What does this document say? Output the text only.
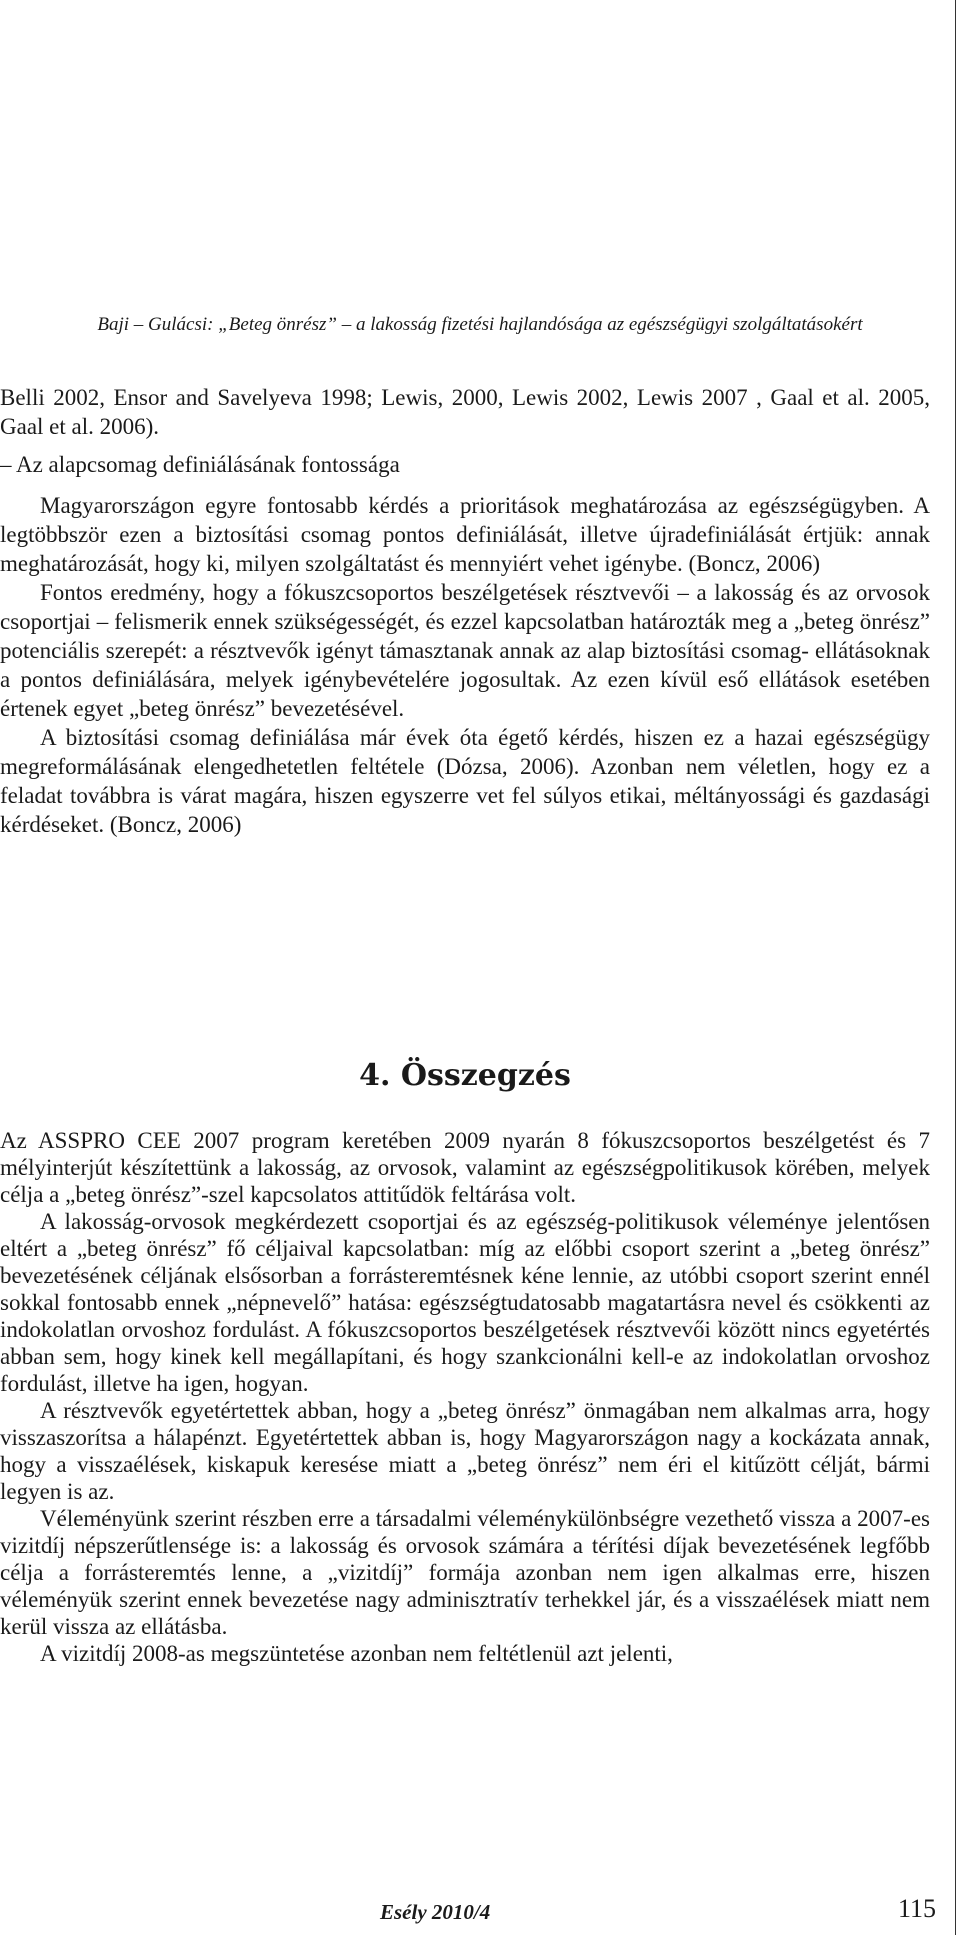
Baji – Gulácsi: „Beteg önrész” – a lakosság fizetési hajlandósága az egészségügyi szolgáltatásokért

Belli 2002, Ensor and Savelyeva 1998; Lewis, 2000, Lewis 2002, Lewis 2007 , Gaal et al. 2005, Gaal et al. 2006).

– Az alapcsomag definiálásának fontossága

Magyarországon egyre fontosabb kérdés a prioritások meghatározása az egészségügyben. A legtöbbször ezen a biztosítási csomag pontos definiálását, illetve újradefiniálását értjük: annak meghatározását, hogy ki, milyen szolgáltatást és mennyiért vehet igénybe. (Boncz, 2006)

Fontos eredmény, hogy a fókuszcsoportos beszélgetések résztvevői – a lakosság és az orvosok csoportjai – felismerik ennek szükségességét, és ezzel kapcsolatban határozták meg a „beteg önrész” potenciális szerepét: a résztvevők igényt támasztanak annak az alap biztosítási csomag- ellátásoknak a pontos definiálására, melyek igénybevételére jogosultak. Az ezen kívül eső ellátások esetében értenek egyet „beteg önrész” bevezetésével.

A biztosítási csomag definiálása már évek óta égető kérdés, hiszen ez a hazai egészségügy megreformálásának elengedhetetlen feltétele (Dózsa, 2006). Azonban nem véletlen, hogy ez a feladat továbbra is várat magára, hiszen egyszerre vet fel súlyos etikai, méltányossági és gazdasági kérdéseket. (Boncz, 2006)

4. Összegzés

Az ASSPRO CEE 2007 program keretében 2009 nyarán 8 fókuszcsoportos beszélgetést és 7 mélyinterjút készítettünk a lakosság, az orvosok, valamint az egészségpolitikusok körében, melyek célja a „beteg önrész”-szel kapcsolatos attitűdök feltárása volt.

A lakosság-orvosok megkérdezett csoportjai és az egészség-politikusok véleménye jelentősen eltért a „beteg önrész” fő céljaival kapcsolatban: míg az előbbi csoport szerint a „beteg önrész” bevezetésének céljának elsősorban a forrásteremtésnek kéne lennie, az utóbbi csoport szerint ennél sokkal fontosabb ennek „népnevelő” hatása: egészségtudatosabb magatartásra nevel és csökkenti az indokolatlan orvoshoz fordulást. A fókuszcsoportos beszélgetések résztvevői között nincs egyetértés abban sem, hogy kinek kell megállapítani, és hogy szankcionálni kell-e az indokolatlan orvoshoz fordulást, illetve ha igen, hogyan.

A résztvevők egyetértettek abban, hogy a „beteg önrész” önmagában nem alkalmas arra, hogy visszaszorítsa a hálapénzt. Egyetértettek abban is, hogy Magyarországon nagy a kockázata annak, hogy a visszaélések, kiskapuk keresése miatt a „beteg önrész” nem éri el kitűzött célját, bármi legyen is az.

Véleményünk szerint részben erre a társadalmi véleménykülönbségre vezethető vissza a 2007-es vizitdíj népszerűtlensége is: a lakosság és orvosok számára a térítési díjak bevezetésének legfőbb célja a forrásteremtés lenne, a „vizitdíj” formája azonban nem igen alkalmas erre, hiszen véleményük szerint ennek bevezetése nagy adminisztratív terhekkel jár, és a visszaélések miatt nem kerül vissza az ellátásba.

A vizitdíj 2008-as megszüntetése azonban nem feltétlenül azt jelenti,

Esély 2010/4	115
